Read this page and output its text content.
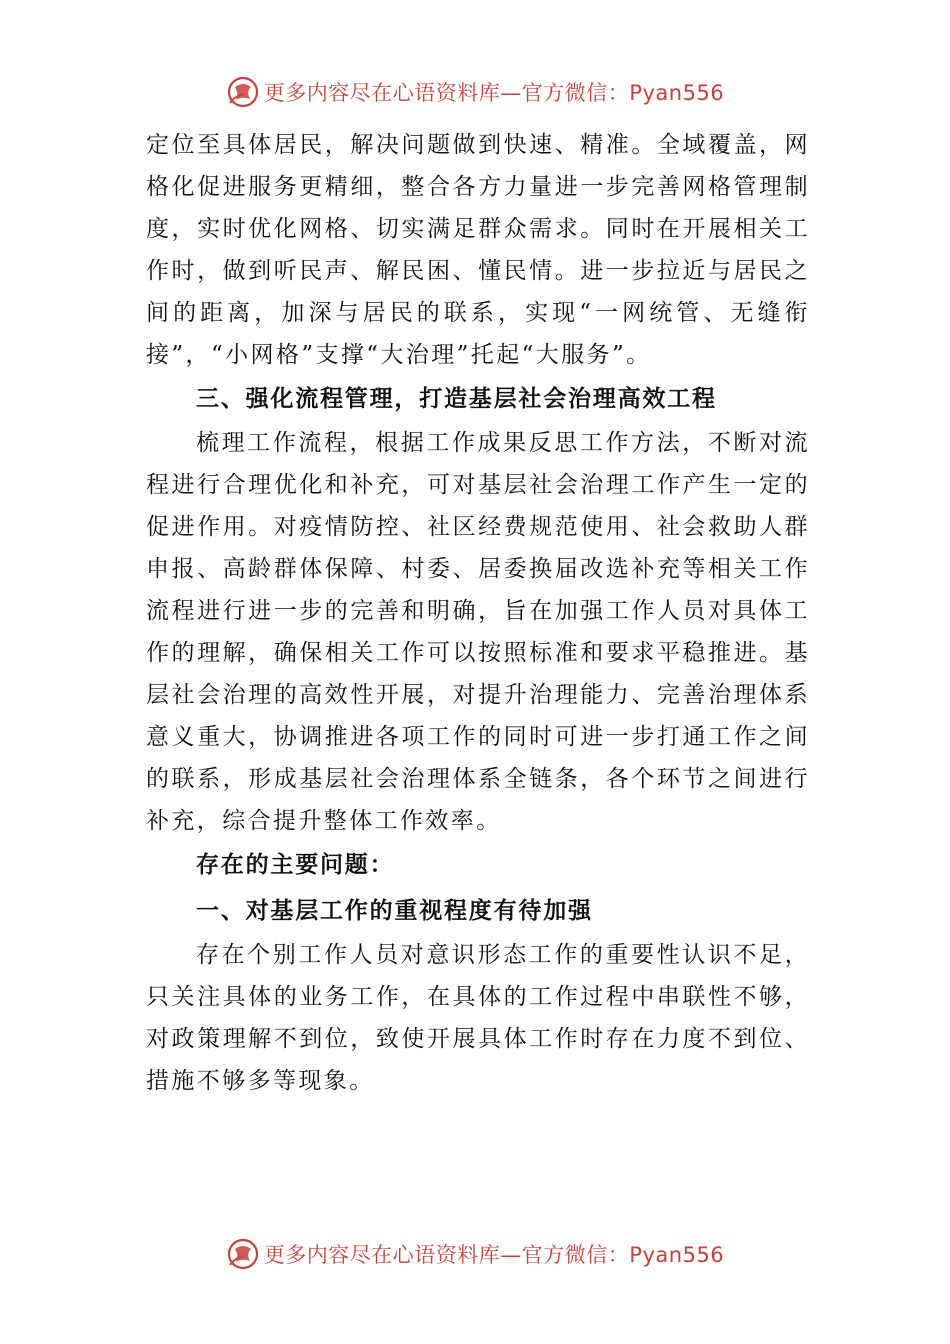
更多内容尽在心语资料库—官方微信：Pyan556

定位至具体居民，解决问题做到快速、精准。全域覆盖，网格化促进服务更精细，整合各方力量进一步完善网格管理制度，实时优化网格、切实满足群众需求。同时在开展相关工作时，做到听民声、解民困、懂民情。进一步拉近与居民之间的距离，加深与居民的联系，实现“一网统管、无缝衔接”，“小网格”支撑“大治理”托起“大服务”。

三、强化流程管理，打造基层社会治理高效工程

梳理工作流程，根据工作成果反思工作方法，不断对流程进行合理优化和补充，可对基层社会治理工作产生一定的促进作用。对疫情防控、社区经费规范使用、社会救助人群申报、高龄群体保障、村委、居委换届改选补充等相关工作流程进行进一步的完善和明确，旨在加强工作人员对具体工作的理解，确保相关工作可以按照标准和要求平稳推进。基层社会治理的高效性开展，对提升治理能力、完善治理体系意义重大，协调推进各项工作的同时可进一步打通工作之间的联系，形成基层社会治理体系全链条，各个环节之间进行补充，综合提升整体工作效率。

存在的主要问题：

一、对基层工作的重视程度有待加强

存在个别工作人员对意识形态工作的重要性认识不足，只关注具体的业务工作，在具体的工作过程中串联性不够，对政策理解不到位，致使开展具体工作时存在力度不到位、措施不够多等现象。

更多内容尽在心语资料库—官方微信：Pyan556
